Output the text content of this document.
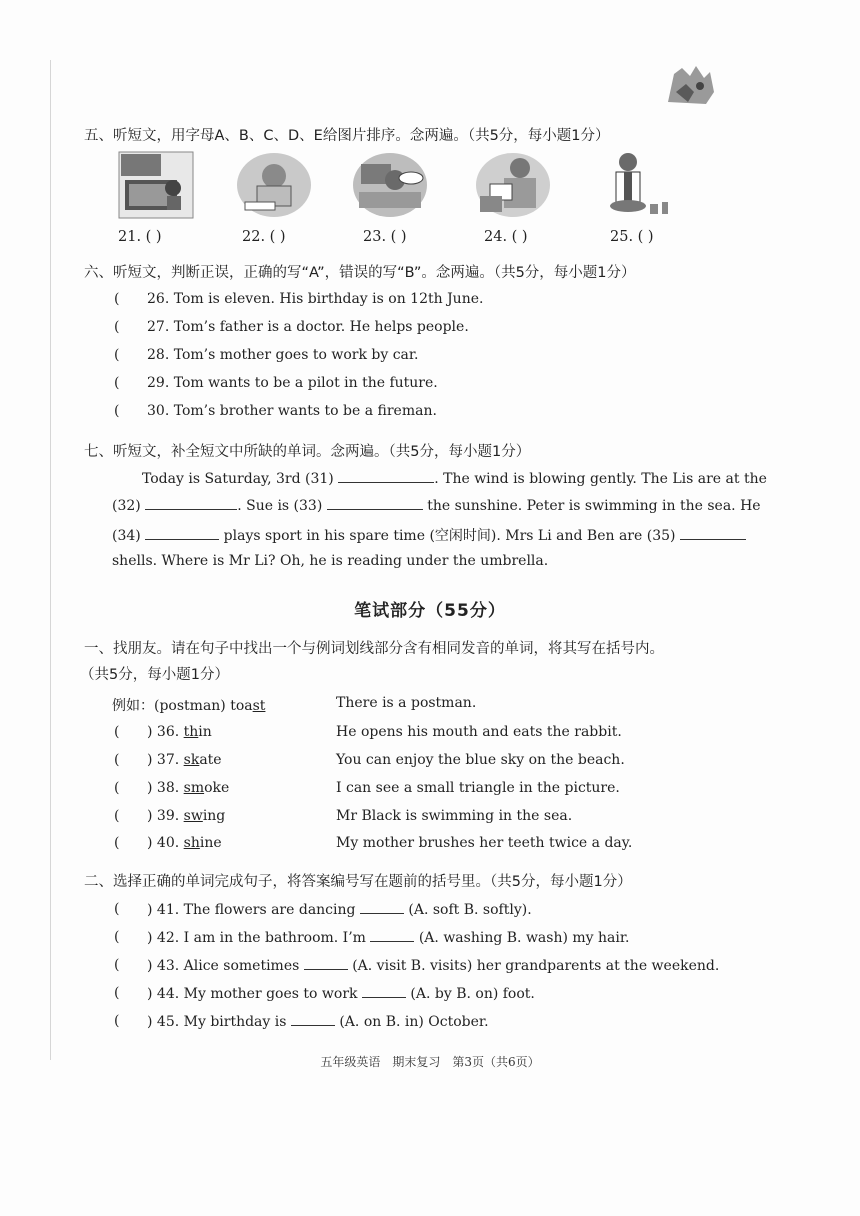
五、听短文，用字母A、B、C、D、E给图片排序。念两遍。（共5分，每小题1分）
21. ( )	22. ( )	23. ( )	24. ( )	25. ( )
六、听短文，判断正误，正确的写“A”，错误的写“B”。念两遍。（共5分，每小题1分）
( 26. Tom is eleven. His birthday is on 12th June.
( 27. Tom’s father is a doctor. He helps people.
( 28. Tom’s mother goes to work by car.
( 29. Tom wants to be a pilot in the future.
( 30. Tom’s brother wants to be a fireman.
七、听短文，补全短文中所缺的单词。念两遍。（共5分，每小题1分）
Today is Saturday, 3rd (31)	. The wind is blowing gently. The Lis are at the
(32)	. Sue is (33)	the sunshine. Peter is swimming in the sea. He
(34)	plays sport in his spare time (空闲时间). Mrs Li and Ben are (35)
shells. Where is Mr Li? Oh, he is reading under the umbrella.
笔试部分（55分）
一、找朋友。请在句子中找出一个与例词划线部分含有相同发音的单词，将其写在括号内。
（共5分，每小题1分）
例如：(postman) toast	There is a postman.
( ) 36. thin	He opens his mouth and eats the rabbit.
( ) 37. skate	You can enjoy the blue sky on the beach.
( ) 38. smoke	I can see a small triangle in the picture.
( ) 39. swing	Mr Black is swimming in the sea.
( ) 40. shine	My mother brushes her teeth twice a day.
二、选择正确的单词完成句子，将答案编号写在题前的括号里。（共5分，每小题1分）
( ) 41. The flowers are dancing	(A. soft B. softly).
( ) 42. I am in the bathroom. I’m	(A. washing B. wash) my hair.
( ) 43. Alice sometimes	(A. visit B. visits) her grandparents at the weekend.
( ) 44. My mother goes to work	(A. by B. on) foot.
( ) 45. My birthday is	(A. on B. in) October.
五年级英语　期末复习　第3页（共6页）
